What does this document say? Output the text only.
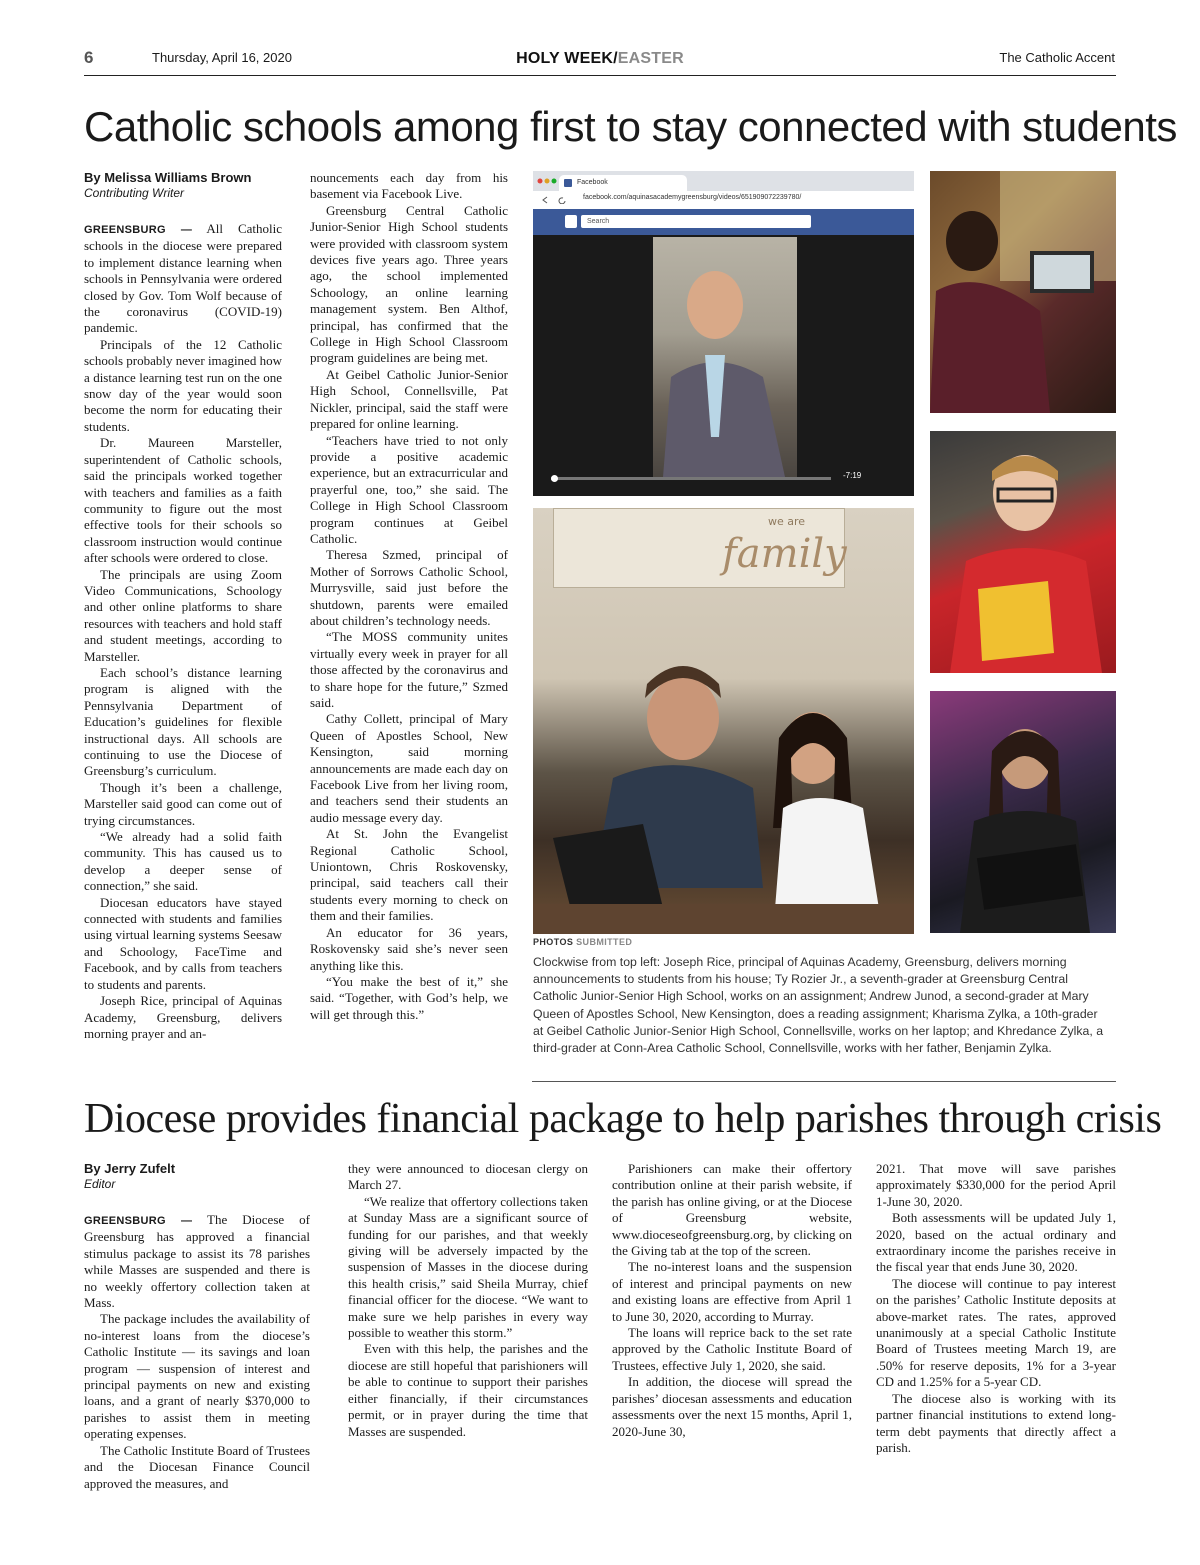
6	Thursday, April 16, 2020	HOLY WEEK/EASTER	The Catholic Accent
Catholic schools among first to stay connected with students
By Melissa Williams Brown
Contributing Writer

GREENSBURG — All Catholic schools in the diocese were prepared to implement distance learning when schools in Pennsylvania were ordered closed by Gov. Tom Wolf because of the coronavirus (COVID-19) pandemic.

Principals of the 12 Catholic schools probably never imagined how a distance learning test run on the one snow day of the year would soon become the norm for educating their students.

Dr. Maureen Marsteller, superintendent of Catholic schools, said the principals worked together with teachers and families as a faith community to figure out the most effective tools for their schools so classroom instruction would continue after schools were ordered to close.

The principals are using Zoom Video Communications, Schoology and other online platforms to share resources with teachers and hold staff and student meetings, according to Marsteller.

Each school’s distance learning program is aligned with the Pennsylvania Department of Education’s guidelines for flexible instructional days. All schools are continuing to use the Diocese of Greensburg’s curriculum.

Though it’s been a challenge, Marsteller said good can come out of trying circumstances.

“We already had a solid faith community. This has caused us to develop a deeper sense of connection,” she said.

Diocesan educators have stayed connected with students and families using virtual learning systems Seesaw and Schoology, FaceTime and Facebook, and by calls from teachers to students and parents.

Joseph Rice, principal of Aquinas Academy, Greensburg, delivers morning prayer and an-

nouncements each day from his basement via Facebook Live.

Greensburg Central Catholic Junior-Senior High School students were provided with classroom system devices five years ago. Three years ago, the school implemented Schoology, an online learning management system. Ben Althof, principal, has confirmed that the College in High School Classroom program guidelines are being met.

At Geibel Catholic Junior-Senior High School, Connellsville, Pat Nickler, principal, said the staff were prepared for online learning.

“Teachers have tried to not only provide a positive academic experience, but an extracurricular and prayerful one, too,” she said. The College in High School Classroom program continues at Geibel Catholic.

Theresa Szmed, principal of Mother of Sorrows Catholic School, Murrysville, said just before the shutdown, parents were emailed about children’s technology needs.

“The MOSS community unites virtually every week in prayer for all those affected by the coronavirus and to share hope for the future,” Szmed said.

Cathy Collett, principal of Mary Queen of Apostles School, New Kensington, said morning announcements are made each day on Facebook Live from her living room, and teachers send their students an audio message every day.

At St. John the Evangelist Regional Catholic School, Uniontown, Chris Roskovensky, principal, said teachers call their students every morning to check on them and their families.

An educator for 36 years, Roskovensky said she’s never seen anything like this.

“You make the best of it,” she said. “Together, with God’s help, we will get through this.”

Facebook
facebook.com/aquinasacademygreensburg/videos/651909072239780/
Search
-7:19
we are
family
PHOTOS SUBMITTED
Clockwise from top left: Joseph Rice, principal of Aquinas Academy, Greensburg, delivers morning announcements to students from his house; Ty Rozier Jr., a seventh-grader at Greensburg Central Catholic Junior-Senior High School, works on an assignment; Andrew Junod, a second-grader at Mary Queen of Apostles School, New Kensington, does a reading assignment; Kharisma Zylka, a 10th-grader at Geibel Catholic Junior-Senior High School, Connellsville, works on her laptop; and Khredance Zylka, a third-grader at Conn-Area Catholic School, Connellsville, works with her father, Benjamin Zylka.
Diocese provides financial package to help parishes through crisis
By Jerry Zufelt
Editor

GREENSBURG — The Diocese of Greensburg has approved a financial stimulus package to assist its 78 parishes while Masses are suspended and there is no weekly offertory collection taken at Mass.

The package includes the availability of no-interest loans from the diocese’s Catholic Institute — its savings and loan program — suspension of interest and principal payments on new and existing loans, and a grant of nearly $370,000 to parishes to assist them in meeting operating expenses.

The Catholic Institute Board of Trustees and the Diocesan Finance Council approved the measures, and

they were announced to diocesan clergy on March 27.

“We realize that offertory collections taken at Sunday Mass are a significant source of funding for our parishes, and that weekly giving will be adversely impacted by the suspension of Masses in the diocese during this health crisis,” said Sheila Murray, chief financial officer for the diocese. “We want to make sure we help parishes in every way possible to weather this storm.”

Even with this help, the parishes and the diocese are still hopeful that parishioners will be able to continue to support their parishes either financially, if their circumstances permit, or in prayer during the time that Masses are suspended.

Parishioners can make their offertory contribution online at their parish website, if the parish has online giving, or at the Diocese of Greensburg website, www.dioceseofgreensburg.org, by clicking on the Giving tab at the top of the screen.

The no-interest loans and the suspension of interest and principal payments on new and existing loans are effective from April 1 to June 30, 2020, according to Murray.

The loans will reprice back to the set rate approved by the Catholic Institute Board of Trustees, effective July 1, 2020, she said.

In addition, the diocese will spread the parishes’ diocesan assessments and education assessments over the next 15 months, April 1, 2020-June 30,

2021. That move will save parishes approximately $330,000 for the period April 1-June 30, 2020.

Both assessments will be updated July 1, 2020, based on the actual ordinary and extraordinary income the parishes receive in the fiscal year that ends June 30, 2020.

The diocese will continue to pay interest on the parishes’ Catholic Institute deposits at above-market rates. The rates, approved unanimously at a special Catholic Institute Board of Trustees meeting March 19, are .50% for reserve deposits, 1% for a 3-year CD and 1.25% for a 5-year CD.

The diocese also is working with its partner financial institutions to extend long-term debt payments that directly affect a parish.
